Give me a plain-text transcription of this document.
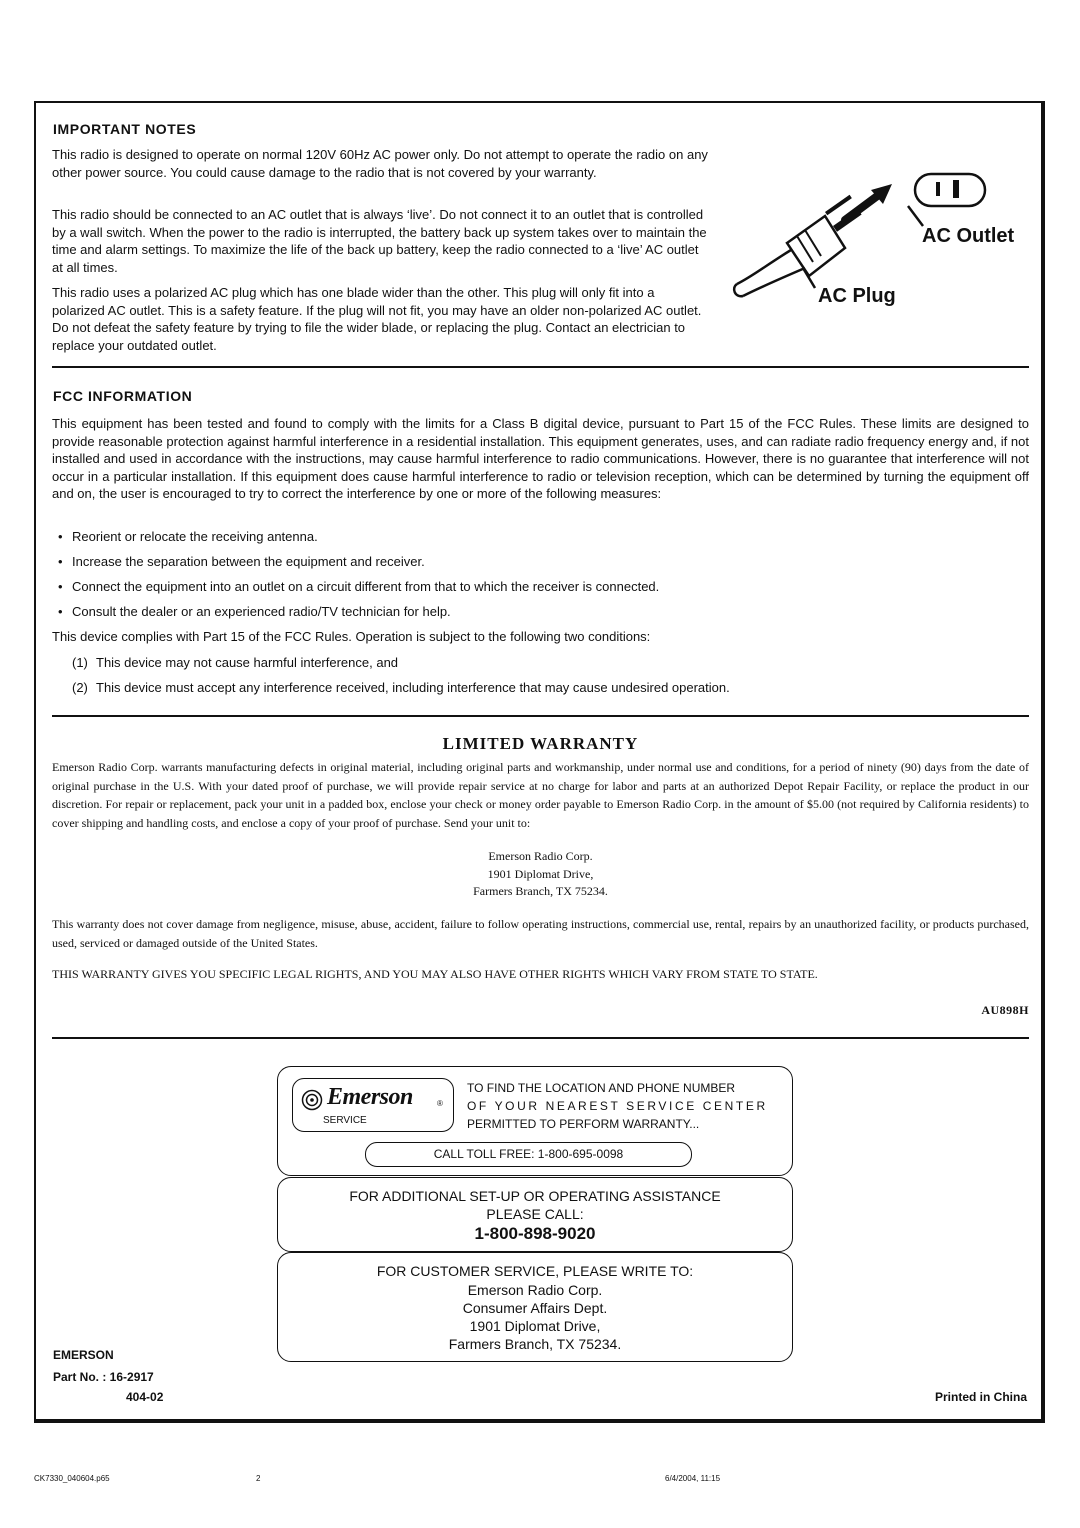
IMPORTANT NOTES
This radio is designed to operate on normal 120V 60Hz AC power only. Do not attempt to operate the radio on any other power source. You could cause damage to the radio that is not covered by your warranty.
This radio should be connected to an AC outlet that is always ‘live’. Do not connect it to an outlet that is controlled by a wall switch. When the power to the radio is interrupted, the battery back up system takes over to maintain the time and alarm settings. To maximize the life of the back up battery, keep the radio connected to a ‘live’ AC outlet at all times.
This radio uses a polarized AC plug which has one blade wider than the other. This plug will only fit into a polarized AC outlet. This is a safety feature. If the plug will not fit, you may have an older non-polarized AC outlet. Do not defeat the safety feature by trying to file the wider blade, or replacing the plug. Contact an electrician to replace your outdated outlet.
AC Outlet
AC Plug
FCC INFORMATION
This equipment has been tested and found to comply with the limits for a Class B digital device, pursuant to Part 15 of the FCC Rules. These limits are designed to provide reasonable protection against harmful interference in a residential installation. This equipment generates, uses, and can radiate radio frequency energy and, if not installed and used in accordance with the instructions, may cause harmful interference to radio communications. However, there is no guarantee that interference will not occur in a particular installation. If this equipment does cause harmful interference to radio or television reception, which can be determined by turning the equipment off and on, the user is encouraged to try to correct the interference by one or more of the following measures:
• Reorient or relocate the receiving antenna.
• Increase the separation between the equipment and receiver.
• Connect the equipment into an outlet on a circuit different from that to which the receiver is connected.
• Consult the dealer or an experienced radio/TV technician for help.
This device complies with Part 15 of the FCC Rules. Operation is subject to the following two conditions:
(1) This device may not cause harmful interference, and
(2) This device must accept any interference received, including interference that may cause undesired operation.
LIMITED WARRANTY
Emerson Radio Corp. warrants manufacturing defects in original material, including original parts and workmanship, under normal use and conditions, for a period of ninety (90) days from the date of original purchase in the U.S. With your dated proof of purchase, we will provide repair service at no charge for labor and parts at an authorized Depot Repair Facility, or replace the product in our discretion. For repair or replacement, pack your unit in a padded box, enclose your check or money order payable to Emerson Radio Corp. in the amount of $5.00 (not required by California residents) to cover shipping and handling costs, and enclose a copy of your proof of purchase. Send your unit to:
Emerson Radio Corp.
1901 Diplomat Drive,
Farmers Branch, TX 75234.
This warranty does not cover damage from negligence, misuse, abuse, accident, failure to follow operating instructions, commercial use, rental, repairs by an unauthorized facility, or products purchased, used, serviced or damaged outside of the United States.
THIS WARRANTY GIVES YOU SPECIFIC LEGAL RIGHTS, AND YOU MAY ALSO HAVE OTHER RIGHTS WHICH VARY FROM STATE TO STATE.
AU898H
Emerson	®
SERVICE
TO FIND THE LOCATION AND PHONE NUMBER
OF YOUR NEAREST SERVICE CENTER
PERMITTED TO PERFORM WARRANTY...
CALL TOLL FREE: 1-800-695-0098
FOR ADDITIONAL SET-UP OR OPERATING ASSISTANCE
PLEASE CALL:
1-800-898-9020
FOR CUSTOMER SERVICE, PLEASE WRITE TO:
Emerson Radio Corp.
Consumer Affairs Dept.
1901 Diplomat Drive,
Farmers Branch, TX 75234.
EMERSON
Part No. : 16-2917
404-02	Printed in China
CK7330_040604.p65	2	6/4/2004, 11:15
